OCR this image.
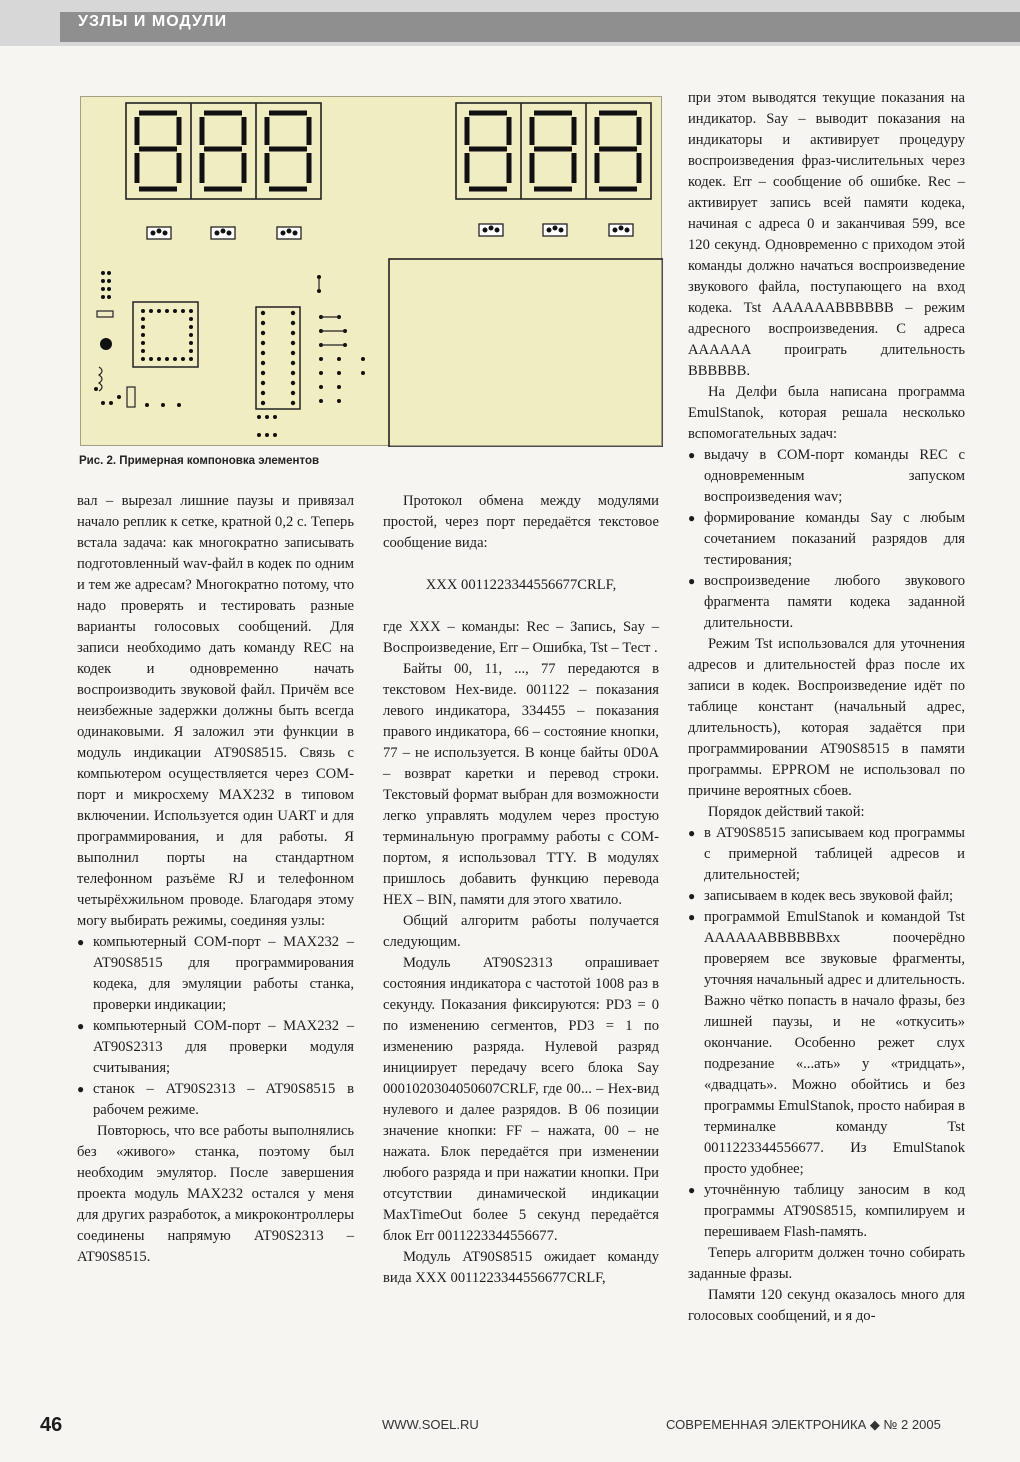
УЗЛЫ И МОДУЛИ
Рис. 2. Примерная компоновка элементов

вал – вырезал лишние паузы и привязал начало реплик к сетке, кратной 0,2 с. Теперь встала задача: как многократно записывать подготовленный wav-файл в кодек по одним и тем же адресам? Многократно потому, что надо проверять и тестировать разные варианты голосовых сообщений. Для записи необходимо дать команду REC на кодек и одновременно начать воспроизводить звуковой файл. Причём все неизбежные задержки должны быть всегда одинаковыми. Я заложил эти функции в модуль индикации AT90S8515. Связь с компьютером осуществляется через COM-порт и микросхему MAX232 в типовом включении. Используется один UART и для программирования, и для работы. Я выполнил порты на стандартном телефонном разъёме RJ и телефонном четырёхжильном проводе. Благодаря этому могу выбирать режимы, соединяя узлы:

● компьютерный COM-порт – MAX232 – AT90S8515 для программирования кодека, для эмуляции работы станка, проверки индикации;
● компьютерный COM-порт – MAX232 – AT90S2313 для проверки модуля считывания;
● станок – AT90S2313 – AT90S8515 в рабочем режиме.

Повторюсь, что все работы выполнялись без «живого» станка, поэтому был необходим эмулятор. После завершения проекта модуль MAX232 остался у меня для других разработок, а микроконтроллеры соединены напрямую AT90S2313 – AT90S8515.

Протокол обмена между модулями простой, через порт передаётся текстовое сообщение вида:

XXX 0011223344556677CRLF,

где XXX – команды: Rec – Запись, Say – Воспроизведение, Err – Ошибка, Tst – Тест .

Байты 00, 11, ..., 77 передаются в текстовом Hex-виде. 001122 – показания левого индикатора, 334455 – показания правого индикатора, 66 – состояние кнопки, 77 – не используется. В конце байты 0D0A – возврат каретки и перевод строки. Текстовый формат выбран для возможности легко управлять модулем через простую терминальную программу работы с COM-портом, я использовал TTY. В модулях пришлось добавить функцию перевода HEX – BIN, памяти для этого хватило.

Общий алгоритм работы получается следующим.

Модуль AT90S2313 опрашивает состояния индикатора с частотой 1008 раз в секунду. Показания фиксируются: PD3 = 0 по изменению сегментов, PD3 = 1 по изменению разряда. Нулевой разряд инициирует передачу всего блока Say 0001020304050607CRLF, где 00... – Hex-вид нулевого и далее разрядов. В 06 позиции значение кнопки: FF – нажата, 00 – не нажата. Блок передаётся при изменении любого разряда и при нажатии кнопки. При отсутствии динамической индикации MaxTimeOut более 5 секунд передаётся блок Err 0011223344556677.

Модуль AT90S8515 ожидает команду вида XXX 0011223344556677CRLF,

при этом выводятся текущие показания на индикатор. Say – выводит показания на индикаторы и активирует процедуру воспроизведения фраз-числительных через кодек. Err – сообщение об ошибке. Rec – активирует запись всей памяти кодека, начиная с адреса 0 и заканчивая 599, все 120 секунд. Одновременно с приходом этой команды должно начаться воспроизведение звукового файла, поступающего на вход кодека. Tst AAAAAABBBBBB – режим адресного воспроизведения. С адреса AAAAAA проиграть длительность BBBBBB.

На Делфи была написана программа EmulStanok, которая решала несколько вспомогательных задач:

● выдачу в COM-порт команды REC с одновременным запуском воспроизведения wav;
● формирование команды Say с любым сочетанием показаний разрядов для тестирования;
● воспроизведение любого звукового фрагмента памяти кодека заданной длительности.

Режим Tst использовался для уточнения адресов и длительностей фраз после их записи в кодек. Воспроизведение идёт по таблице констант (начальный адрес, длительность), которая задаётся при программировании AT90S8515 в памяти программы. EPPROM не использовал по причине вероятных сбоев.

Порядок действий такой:

● в AT90S8515 записываем код программы с примерной таблицей адресов и длительностей;
● записываем в кодек весь звуковой файл;
● программой EmulStanok и командой Tst AAAAAABBBBBBxx поочерёдно проверяем все звуковые фрагменты, уточняя начальный адрес и длительность. Важно чётко попасть в начало фразы, без лишней паузы, и не «откусить» окончание. Особенно режет слух подрезание «...ать» у «тридцать», «двадцать». Можно обойтись и без программы EmulStanok, просто набирая в терминалке команду Tst 0011223344556677. Из EmulStanok просто удобнее;
● уточнённую таблицу заносим в код программы AT90S8515, компилируем и перешиваем Flash-память.

Теперь алгоритм должен точно собирать заданные фразы.

Памяти 120 секунд оказалось много для голосовых сообщений, и я до-

46	WWW.SOEL.RU	СОВРЕМЕННАЯ ЭЛЕКТРОНИКА ◆ № 2 2005
